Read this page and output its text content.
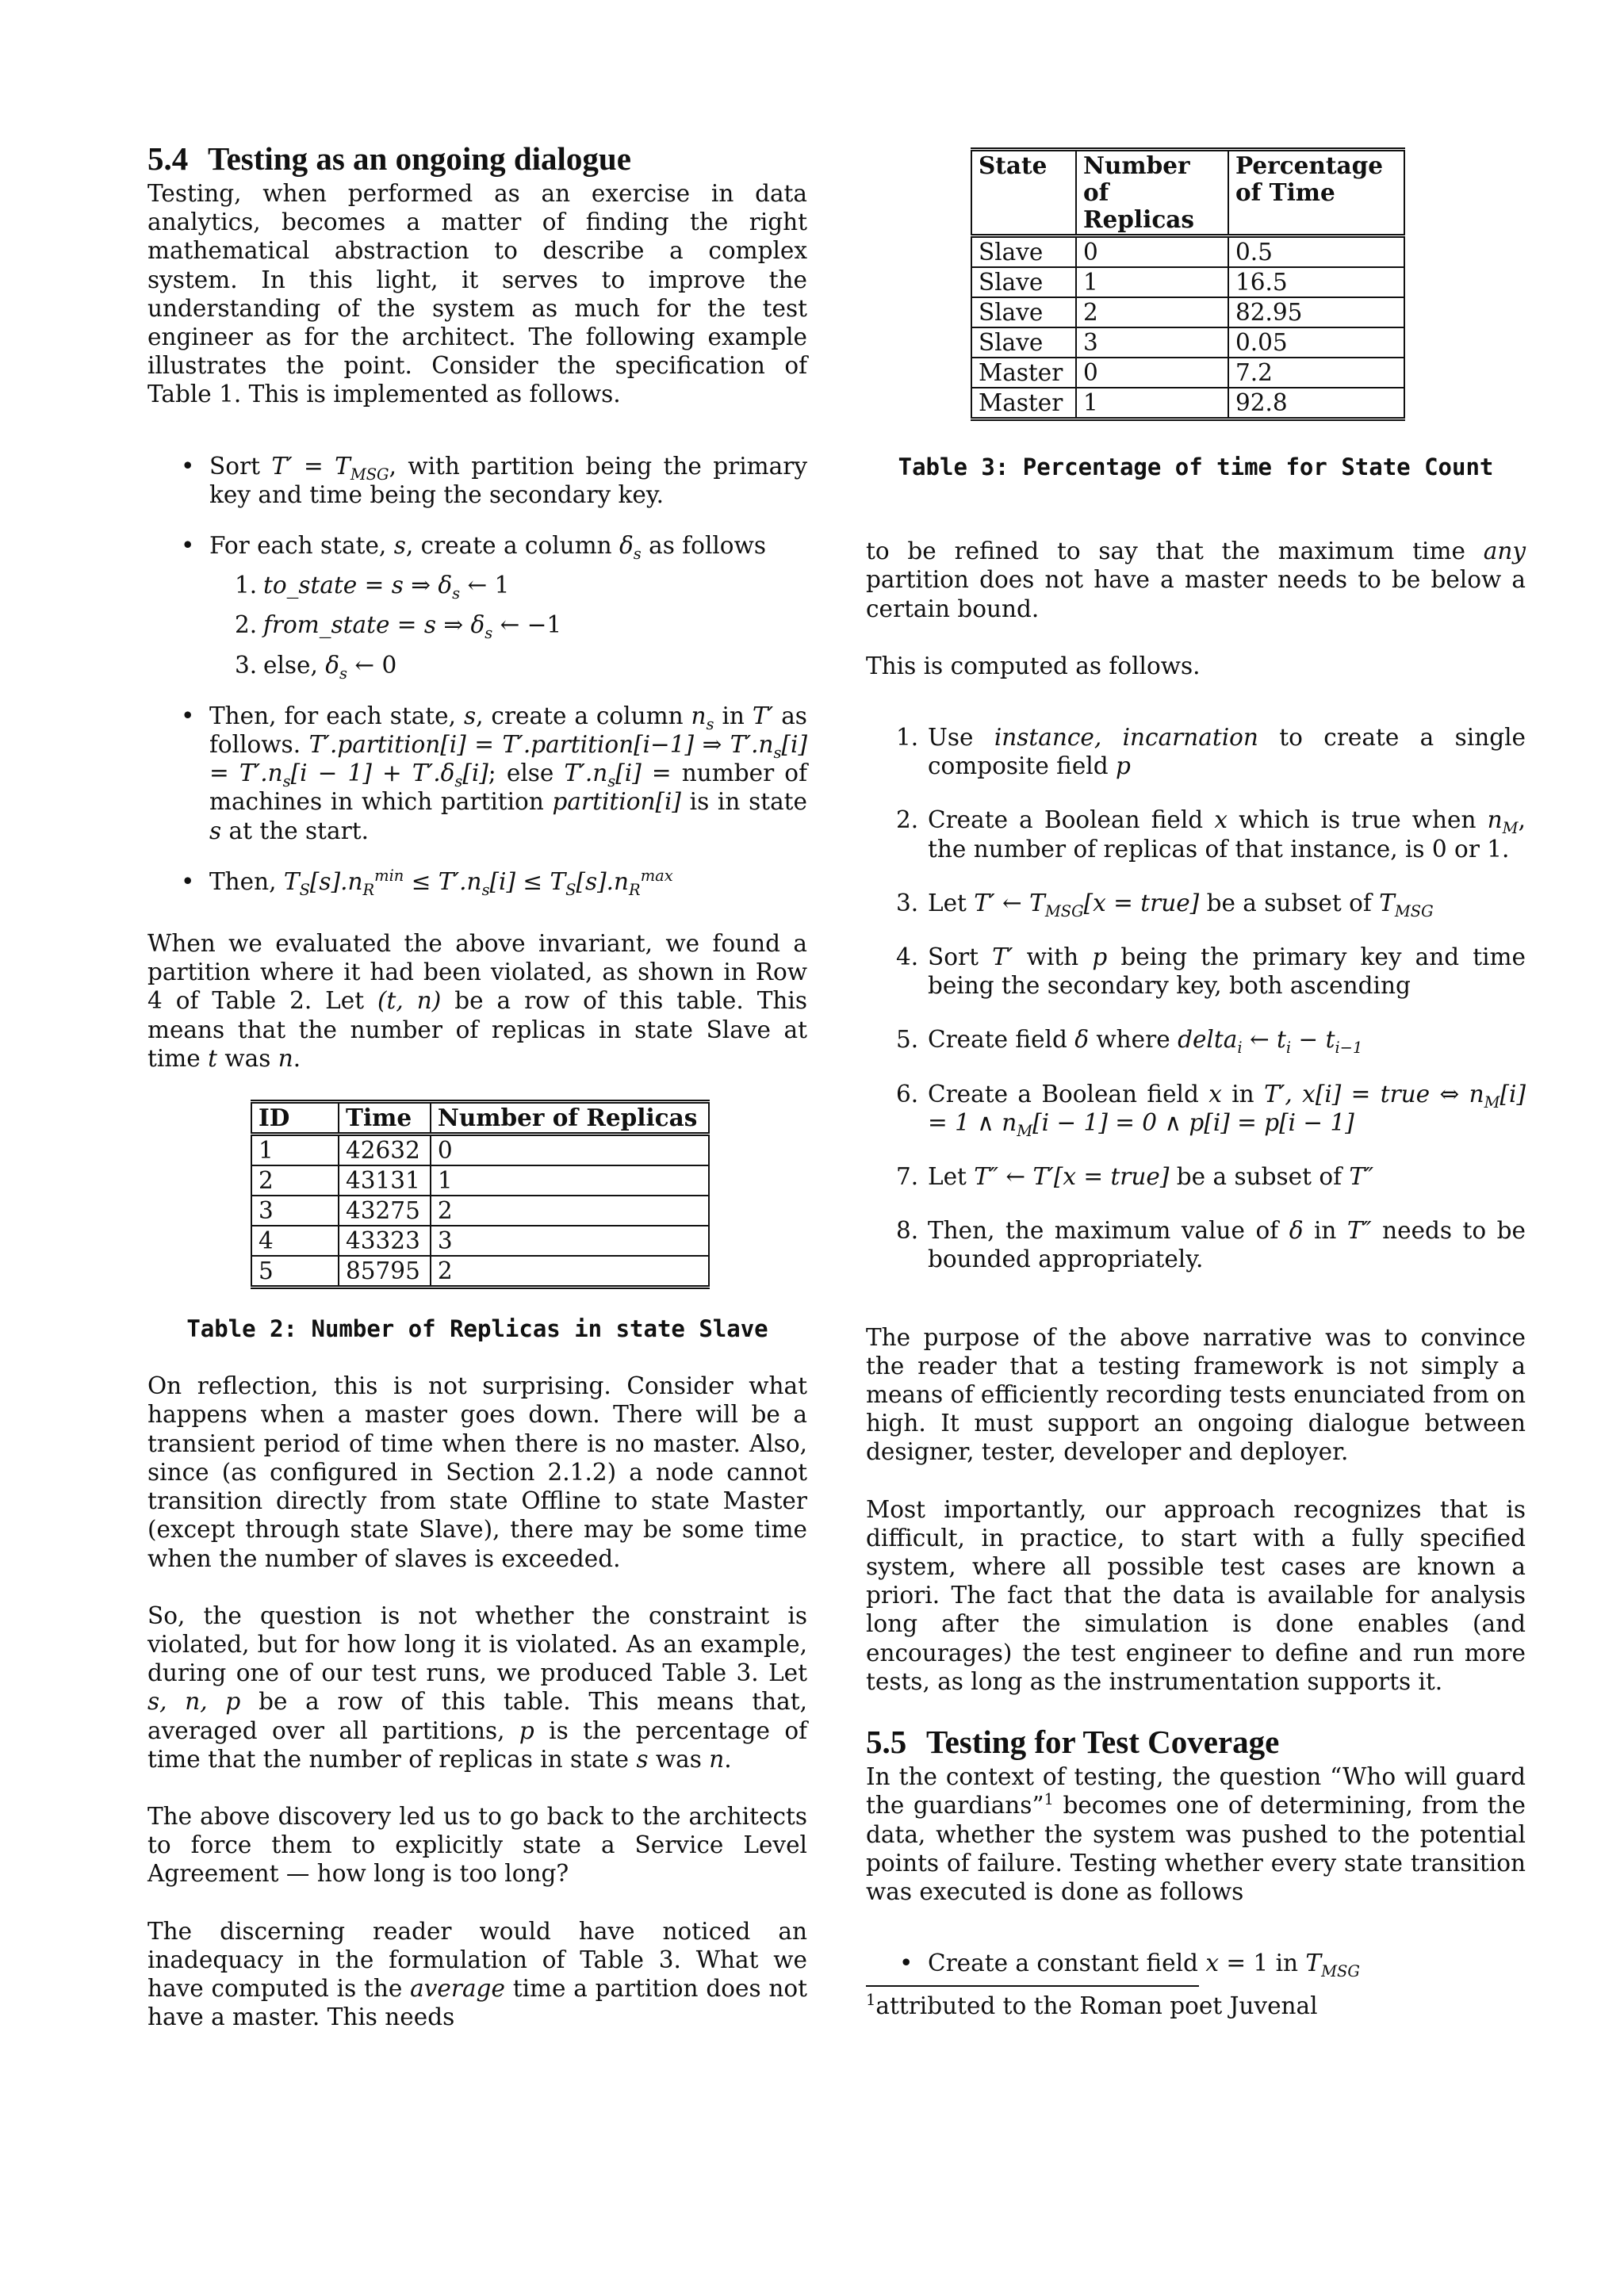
5.4 Testing as an ongoing dialogue

Testing, when performed as an exercise in data analytics, becomes a matter of finding the right mathematical abstraction to describe a complex system. In this light, it serves to improve the understanding of the system as much for the test engineer as for the architect. The following example illustrates the point. Consider the specification of Table 1. This is implemented as follows.

• Sort $T' = T_{MSG}$, with partition being the primary key and time being the secondary key.
• For each state, s, create a column $\delta_s$ as follows
1. to_state = s ⇒ $\delta_s$ ← 1
2. from_state = s ⇒ $\delta_s$ ← −1
3. else, $\delta_s$ ← 0
• Then, for each state, s, create a column $n_s$ in T′ as follows. T′.partition[i] = T′.partition[i−1] ⇒ $T'.n_s[i] = T'.n_s[i - 1] + T'.\delta_s[i]$; else $T'.n_s[i]$ = number of machines in which partition partition[i] is in state s at the start.
• Then, $T_S[s].n_R^{min} \le T'.n_s[i] \le T_S[s].n_R^{max}$

When we evaluated the above invariant, we found a partition where it had been violated, as shown in Row 4 of Table 2. Let (t, n) be a row of this table. This means that the number of replicas in state Slave at time t was n.

ID	Time	Number of Replicas
1	42632	0
2	43131	1
3	43275	2
4	43323	3
5	85795	2
Table 2: Number of Replicas in state Slave

On reflection, this is not surprising. Consider what happens when a master goes down. There will be a transient period of time when there is no master. Also, since (as configured in Section 2.1.2) a node cannot transition directly from state Offline to state Master (except through state Slave), there may be some time when the number of slaves is exceeded.

So, the question is not whether the constraint is violated, but for how long it is violated. As an example, during one of our test runs, we produced Table 3. Let s, n, p be a row of this table. This means that, averaged over all partitions, p is the percentage of time that the number of replicas in state s was n.

The above discovery led us to go back to the architects to force them to explicitly state a Service Level Agreement — how long is too long?

The discerning reader would have noticed an inadequacy in the formulation of Table 3. What we have computed is the average time a partition does not have a master. This needs

State	Number of Replicas	Percentage of Time
Slave	0	0.5
Slave	1	16.5
Slave	2	82.95
Slave	3	0.05
Master	0	7.2
Master	1	92.8
Table 3: Percentage of time for State Count

to be refined to say that the maximum time any partition does not have a master needs to be below a certain bound.

This is computed as follows.

1. Use instance, incarnation to create a single composite field p
2. Create a Boolean field x which is true when $n_M$, the number of replicas of that instance, is 0 or 1.
3. Let T′ ← $T_{MSG}[x$ = true] be a subset of $T_{MSG}$
4. Sort T′ with p being the primary key and time being the secondary key, both ascending
5. Create field δ where delta$_i$ ← $t_i - t_{i-1}$
6. Create a Boolean field x in T′, x[i] = true ⇔ $n_M[i] = 1$ ∧ $n_M[i - 1] = 0$ ∧ p[i] = p[i − 1]
7. Let T″ ← T′[x = true] be a subset of T″
8. Then, the maximum value of δ in T″ needs to be bounded appropriately.

The purpose of the above narrative was to convince the reader that a testing framework is not simply a means of efficiently recording tests enunciated from on high. It must support an ongoing dialogue between designer, tester, developer and deployer.

Most importantly, our approach recognizes that is difficult, in practice, to start with a fully specified system, where all possible test cases are known a priori. The fact that the data is available for analysis long after the simulation is done enables (and encourages) the test engineer to define and run more tests, as long as the instrumentation supports it.

5.5 Testing for Test Coverage

In the context of testing, the question “Who will guard the guardians”$^1$ becomes one of determining, from the data, whether the system was pushed to the potential points of failure. Testing whether every state transition was executed is done as follows

• Create a constant field x = 1 in $T_{MSG}$
$^1$attributed to the Roman poet Juvenal
